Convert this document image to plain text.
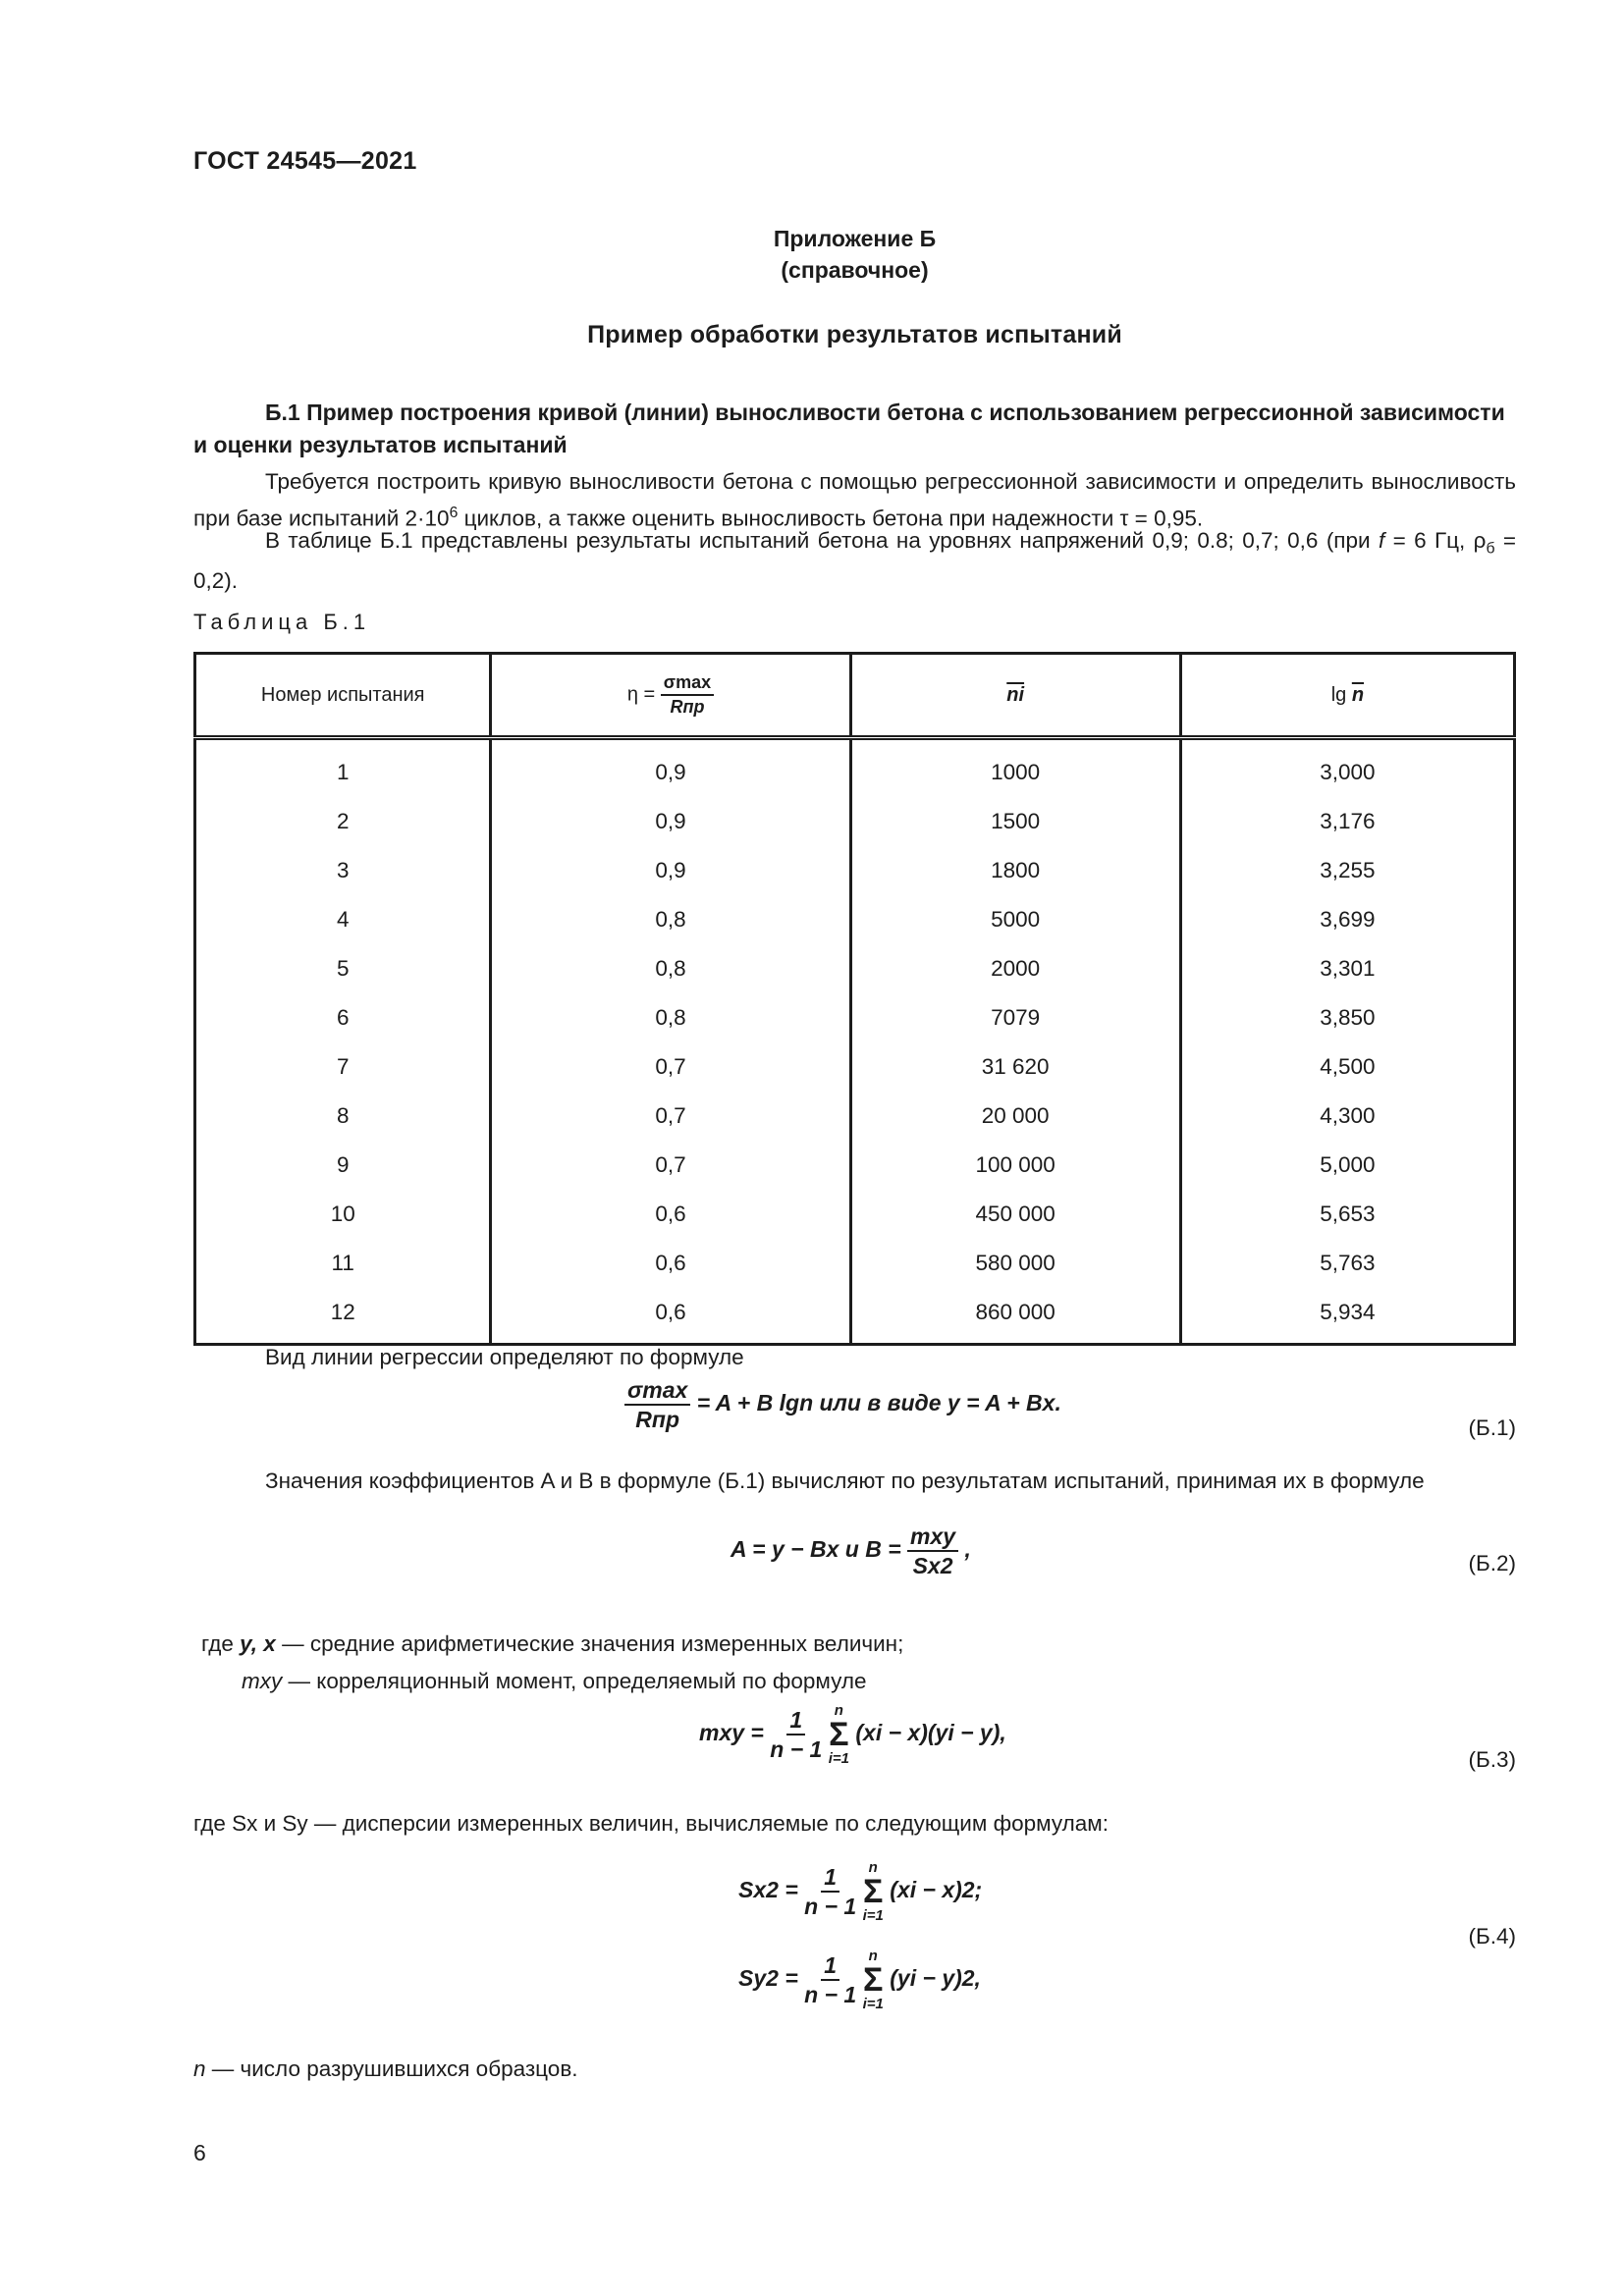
ГОСТ 24545—2021
Приложение Б
(справочное)
Пример обработки результатов испытаний
Б.1 Пример построения кривой (линии) выносливости бетона с использованием регрессионной зависимости и оценки результатов испытаний
Требуется построить кривую выносливости бетона с помощью регрессионной зависимости и определить выносливость при базе испытаний $2\cdot 10^6$ циклов, а также оценить выносливость бетона при надежности τ = 0,95.
В таблице Б.1 представлены результаты испытаний бетона на уровнях напряжений 0,9; 0.8; 0,7; 0,6 (при f = 6 Гц, $\rho_б = 0,2$).
Таблица Б.1
Номер испытания	$\eta = \frac{\sigma\max}{\text{Rпр}}$	$\overline{ni}$	$\lg \overline{n}$
1	0,9	1000	3,000
2	0,9	1500	3,176
3	0,9	1800	3,255
4	0,8	5000	3,699
5	0,8	2000	3,301
6	0,8	7079	3,850
7	0,7	31 620	4,500
8	0,7	20 000	4,300
9	0,7	100 000	5,000
10	0,6	450 000	5,653
11	0,6	580 000	5,763
12	0,6	860 000	5,934
Вид линии регрессии определяют по формуле
$\frac{\sigma\max}{\text{Rпр}} = A + B$ lgn или в виде y = A + Bx.
(Б.1)
Значения коэффициентов A и B в формуле (Б.1) вычисляют по результатам испытаний, принимая их в формуле
A = y − Bx и $B = \frac{\text{mxy}}{Sx2}$ ,
(Б.2)
где y, x — средние арифметические значения измеренных величин;
mxy — корреляционный момент, определяемый по формуле
mxy = $\frac{1}{n - 1}$
n
Σ
i=1
(xi − x)(yi − y),
(Б.3)
где Sx и Sy — дисперсии измеренных величин, вычисляемые по следующим формулам:
$Sx2 = \frac{1}{n - 1}$
n
Σ
i=1
(xi − x)2;
$Sy2 = \frac{1}{n - 1}$
n
Σ
i=1
(yi − y)2,
(Б.4)
n — число разрушившихся образцов.
6
